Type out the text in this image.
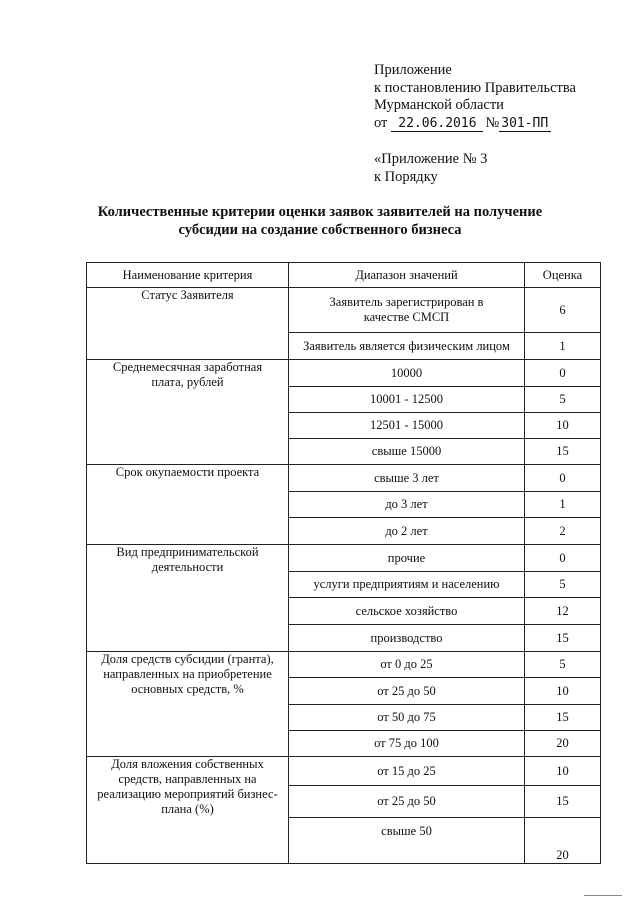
Приложение
к постановлению Правительства
Мурманской области
от 22.06.2016 № 301-ПП
«Приложение № 3
к Порядку
Количественные критерии оценки заявок заявителей на получение
субсидии на создание собственного бизнеса
Наименование критерия	Диапазон значений	Оценка
Статус Заявителя	Заявитель зарегистрирован в качестве СМСП	6
	Заявитель является физическим лицом	1
Среднемесячная заработная плата, рублей	10000	0
	10001 - 12500	5
	12501 - 15000	10
	свыше 15000	15
Срок окупаемости проекта	свыше 3 лет	0
	до 3 лет	1
	до 2 лет	2
Вид предпринимательской деятельности	прочие	0
	услуги предприятиям и населению	5
	сельское хозяйство	12
	производство	15
Доля средств субсидии (гранта), направленных на приобретение основных средств, %	от 0 до 25	5
	от 25 до 50	10
	от 50 до 75	15
	от 75 до 100	20
Доля вложения собственных средств, направленных на реализацию мероприятий бизнес-плана (%)	от 15 до 25	10
	от 25 до 50	15
	свыше 50	20
